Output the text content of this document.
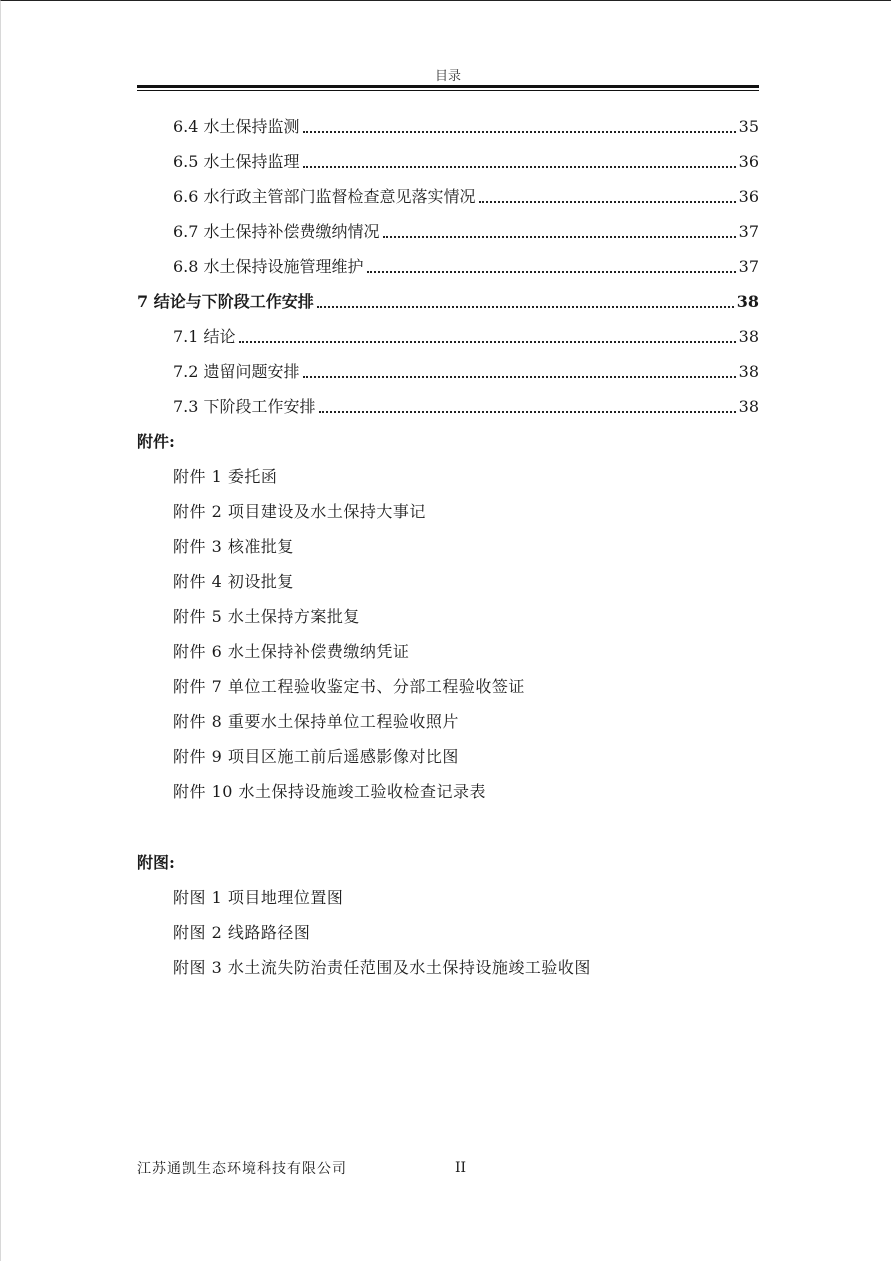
目录
6.4 水土保持监测	35
6.5 水土保持监理	36
6.6 水行政主管部门监督检查意见落实情况	36
6.7 水土保持补偿费缴纳情况	37
6.8 水土保持设施管理维护	37
7 结论与下阶段工作安排	38
7.1 结论	38
7.2 遗留问题安排	38
7.3 下阶段工作安排	38
附件:
附件 1 委托函
附件 2 项目建设及水土保持大事记
附件 3 核准批复
附件 4 初设批复
附件 5 水土保持方案批复
附件 6 水土保持补偿费缴纳凭证
附件 7 单位工程验收鉴定书、分部工程验收签证
附件 8 重要水土保持单位工程验收照片
附件 9 项目区施工前后遥感影像对比图
附件 10 水土保持设施竣工验收检查记录表
附图:
附图 1 项目地理位置图
附图 2 线路路径图
附图 3 水土流失防治责任范围及水土保持设施竣工验收图
江苏通凯生态环境科技有限公司	II
